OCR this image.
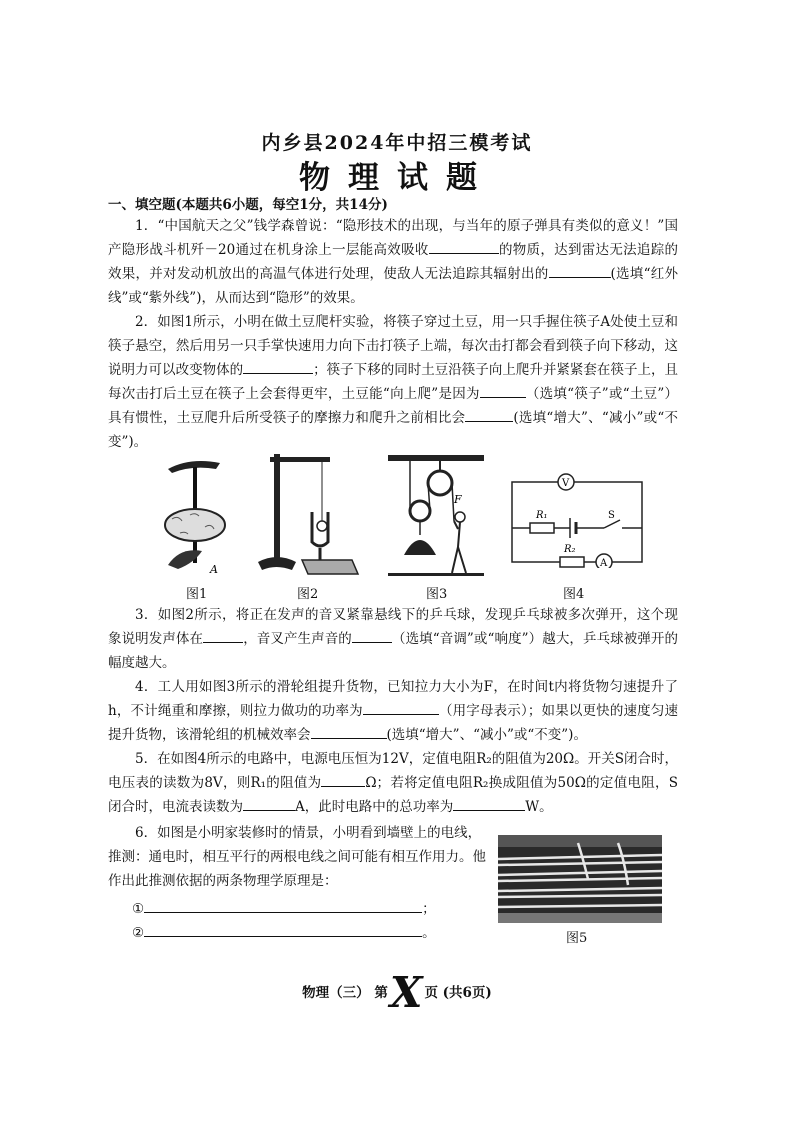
内乡县2024年中招三模考试
物理试题
一、填空题(本题共6小题，每空1分，共14分)
1．“中国航天之父”钱学森曾说：“隐形技术的出现，与当年的原子弹具有类似的意义！”国产隐形战斗机歼－20通过在机身涂上一层能高效吸收	的物质，达到雷达无法追踪的效果，并对发动机放出的高温气体进行处理，使敌人无法追踪其辐射出的	(选填“红外线”或“紫外线”)，从而达到“隐形”的效果。
2．如图1所示，小明在做土豆爬杆实验，将筷子穿过土豆，用一只手握住筷子A处使土豆和筷子悬空，然后用另一只手掌快速用力向下击打筷子上端，每次击打都会看到筷子向下移动，这说明力可以改变物体的	；筷子下移的同时土豆沿筷子向上爬升并紧紧套在筷子上，且每次击打后土豆在筷子上会套得更牢，土豆能“向上爬”是因为	（选填“筷子”或“土豆”）具有惯性，土豆爬升后所受筷子的摩擦力和爬升之前相比会	(选填“增大”、“减小”或“不变”)。
A
F
V
R₁	S
R₂
A
图1	图2	图3	图4
3．如图2所示，将正在发声的音叉紧靠悬线下的乒乓球，发现乒乓球被多次弹开，这个现象说明发声体在	，音叉产生声音的	（选填“音调”或“响度”）越大，乒乓球被弹开的幅度越大。
4．工人用如图3所示的滑轮组提升货物，已知拉力大小为F，在时间t内将货物匀速提升了h，不计绳重和摩擦，则拉力做功的功率为	（用字母表示）；如果以更快的速度匀速提升货物，该滑轮组的机械效率会	(选填“增大”、“减小”或“不变”)。
5．在如图4所示的电路中，电源电压恒为12V，定值电阻R₂的阻值为20Ω。开关S闭合时，电压表的读数为8V，则R₁的阻值为	Ω；若将定值电阻R₂换成阻值为50Ω的定值电阻，S闭合时，电流表读数为	A，此时电路中的总功率为	W。
6．如图是小明家装修时的情景，小明看到墙壁上的电线，推测：通电时，相互平行的两根电线之间可能有相互作用力。他作出此推测依据的两条物理学原理是：
①	；
②	。	图5
物理（三） 第X 页 (共6页)
